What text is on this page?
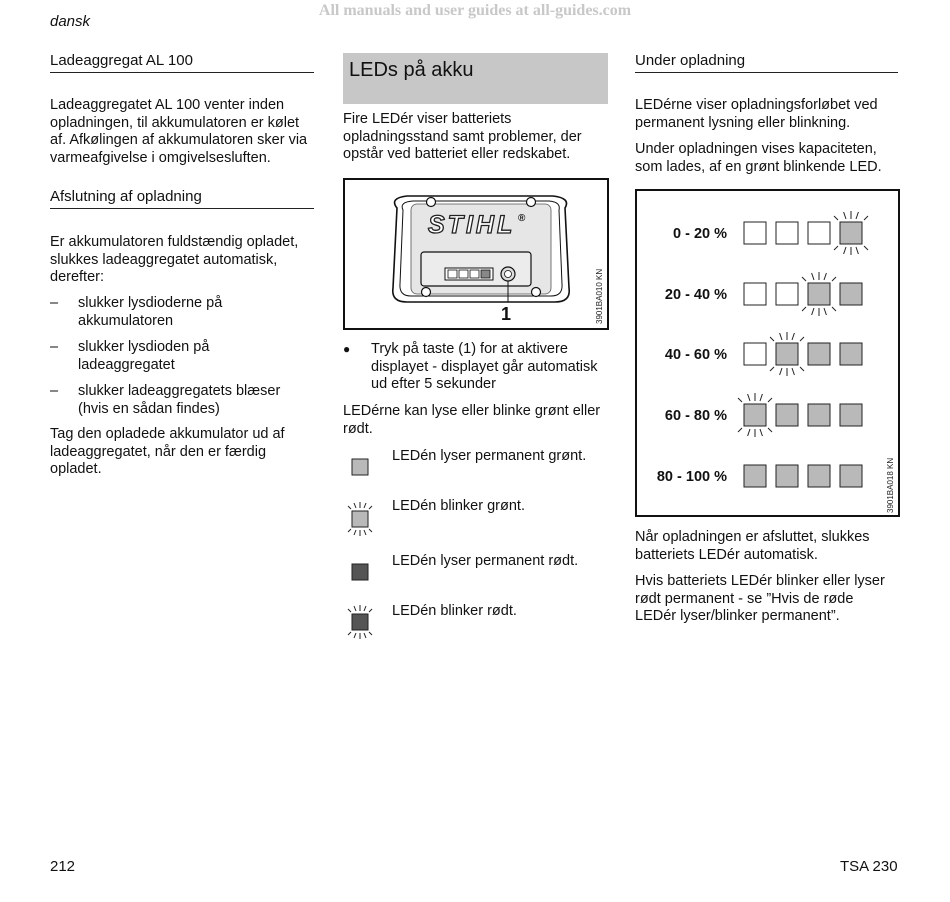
All manuals and user guides at all-guides.com
dansk
Ladeaggregat AL 100
Ladeaggregatet AL 100 venter inden
opladningen, til akkumulatoren er kølet
af. Afkølingen af akkumulatoren sker via
varmeafgivelse i omgivelsesluften.
Afslutning af opladning
Er akkumulatoren fuldstændig opladet,
slukkes ladeaggregatet automatisk,
derefter:
– slukker lysdioderne på
akkumulatoren
– slukker lysdioden på
ladeaggregatet
– slukker ladeaggregatets blæser
(hvis en sådan findes)
Tag den opladede akkumulator ud af
ladeaggregatet, når den er færdig
opladet.
LEDs på akku
Fire LEDér viser batteriets
opladningsstand samt problemer, der
opstår ved batteriet eller redskabet.
STIHL ®
1	3901BA010 KN
● Tryk på taste (1) for at aktivere
displayet - displayet går automatisk
ud efter 5 sekunder
LEDérne kan lyse eller blinke grønt eller
rødt.
LEDén lyser permanent grønt.
LEDén blinker grønt.
LEDén lyser permanent rødt.
LEDén blinker rødt.
Under opladning
LEDérne viser opladningsforløbet ved
permanent lysning eller blinkning.
Under opladningen vises kapaciteten,
som lades, af en grønt blinkende LED.
0 - 20 %
20 - 40 %
40 - 60 %
60 - 80 %
80 - 100 %	3901BA018 KN
Når opladningen er afsluttet, slukkes
batteriets LEDér automatisk.
Hvis batteriets LEDér blinker eller lyser
rødt permanent - se ”Hvis de røde
LEDér lyser/blinker permanent”.
212	TSA 230
